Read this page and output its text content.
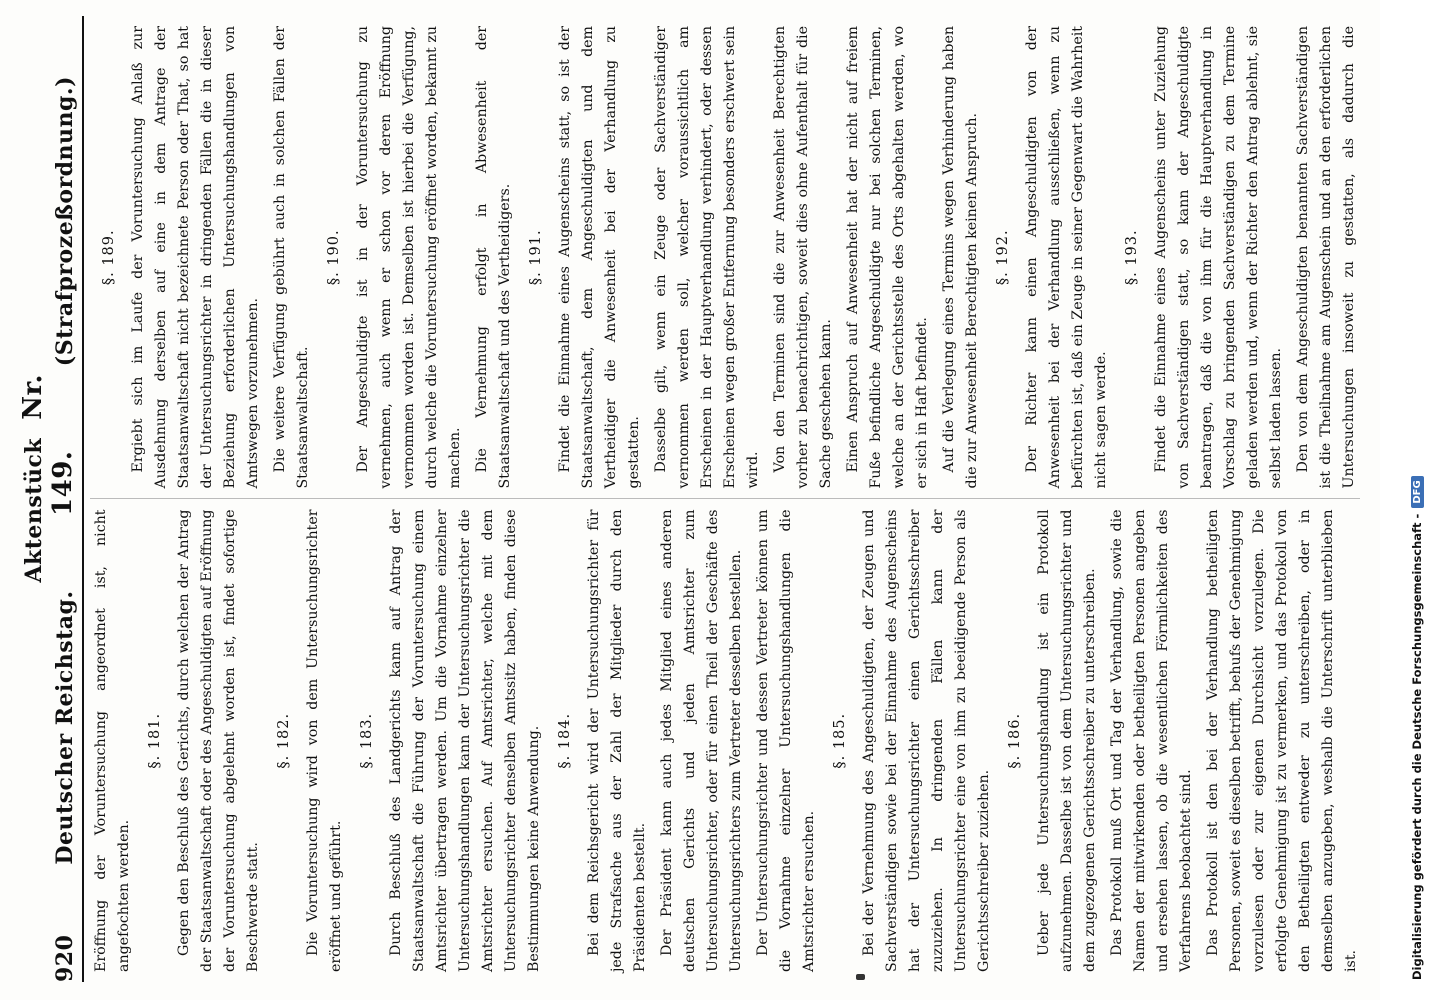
920
Deutscher Reichstag.
Aktenstück Nr. 149.
(Strafprozeßordnung.)

Eröffnung der Voruntersuchung angeordnet ist, nicht angefochten werden.

§. 181. Gegen den Beschluß des Gerichts, durch welchen der Antrag der Staatsanwaltschaft oder des Angeschuldigten auf Eröffnung der Voruntersuchung abgelehnt worden ist, findet sofortige Beschwerde statt.

§. 182. Die Voruntersuchung wird von dem Untersuchungsrichter eröffnet und geführt.

§. 183. Durch Beschluß des Landgerichts kann auf Antrag der Staatsanwaltschaft die Führung der Voruntersuchung einem Amtsrichter übertragen werden. Um die Vornahme einzelner Untersuchungshandlungen kann der Untersuchungsrichter die Amtsrichter ersuchen. Auf Amtsrichter, welche mit dem Untersuchungsrichter denselben Amtssitz haben, finden diese Bestimmungen keine Anwendung. §. 184. Bei dem Reichsgericht wird der Untersuchungsrichter für jede Strafsache aus der Zahl der Mitglieder durch den Präsidenten bestellt. Der Präsident kann auch jedes Mitglied eines anderen deutschen Gerichts und jeden Amtsrichter zum Untersuchungsrichter, oder für einen Theil der Geschäfte des Untersuchungsrichters zum Vertreter desselben bestellen. Der Untersuchungsrichter und dessen Vertreter können um die Vornahme einzelner Untersuchungshandlungen die Amtsrichter ersuchen.

§. 185. Bei der Vernehmung des Angeschuldigten, der Zeugen und Sachverständigen sowie bei der Einnahme des Augenscheins hat der Untersuchungsrichter einen Gerichtsschreiber zuzuziehen. In dringenden Fällen kann der Untersuchungsrichter eine von ihm zu beeidigende Person als Gerichtsschreiber zuziehen.

§. 186. Ueber jede Untersuchungshandlung ist ein Protokoll aufzunehmen. Dasselbe ist von dem Untersuchungsrichter und dem zugezogenen Gerichtsschreiber zu unterschreiben. Das Protokoll muß Ort und Tag der Verhandlung, sowie die Namen der mitwirkenden oder betheiligten Personen angeben und ersehen lassen, ob die wesentlichen Förmlichkeiten des Verfahrens beobachtet sind. Das Protokoll ist den bei der Verhandlung betheiligten Personen, soweit es dieselben betrifft, behufs der Genehmigung vorzulesen oder zur eigenen Durchsicht vorzulegen. Die erfolgte Genehmigung ist zu vermerken, und das Protokoll von den Betheiligten entweder zu unterschreiben, oder in demselben anzugeben, weshalb die Unterschrift unterblieben ist.

§. 189. Ergiebt sich im Laufe der Voruntersuchung Anlaß zur Ausdehnung derselben auf eine in dem Antrage der Staatsanwaltschaft nicht bezeichnete Person oder That, so hat der Untersuchungsrichter in dringenden Fällen die in dieser Beziehung erforderlichen Untersuchungshandlungen von Amtswegen vorzunehmen. Die weitere Verfügung gebührt auch in solchen Fällen der Staatsanwaltschaft.

§. 190. Der Angeschuldigte ist in der Voruntersuchung zu vernehmen, auch wenn er schon vor deren Eröffnung vernommen worden ist. Demselben ist hierbei die Verfügung, durch welche die Voruntersuchung eröffnet worden, bekannt zu machen. Die Vernehmung erfolgt in Abwesenheit der Staatsanwaltschaft und des Vertheidigers. §. 191. Findet die Einnahme eines Augenscheins statt, so ist der Staatsanwaltschaft, dem Angeschuldigten und dem Vertheidiger die Anwesenheit bei der Verhandlung zu gestatten. Dasselbe gilt, wenn ein Zeuge oder Sachverständiger vernommen werden soll, welcher voraussichtlich am Erscheinen in der Hauptverhandlung verhindert, oder dessen Erscheinen wegen großer Entfernung besonders erschwert sein wird. Von den Terminen sind die zur Anwesenheit Berechtigten vorher zu benachrichtigen, soweit dies ohne Aufenthalt für die Sache geschehen kann. Einen Anspruch auf Anwesenheit hat der nicht auf freiem Fuße befindliche Angeschuldigte nur bei solchen Terminen, welche an der Gerichtsstelle des Orts abgehalten werden, wo er sich in Haft befindet. Auf die Verlegung eines Termins wegen Verhinderung haben die zur Anwesenheit Berechtigten keinen Anspruch. §. 192. Der Richter kann einen Angeschuldigten von der Anwesenheit bei der Verhandlung ausschließen, wenn zu befürchten ist, daß ein Zeuge in seiner Gegenwart die Wahrheit nicht sagen werde.

§. 193. Findet die Einnahme eines Augenscheins unter Zuziehung von Sachverständigen statt, so kann der Angeschuldigte beantragen, daß die von ihm für die Hauptverhandlung in Vorschlag zu bringenden Sachverständigen zu dem Termine geladen werden und, wenn der Richter den Antrag ablehnt, sie selbst laden lassen. Den von dem Angeschuldigten benannten Sachverständigen ist die Theilnahme am Augenschein und an den erforderlichen Untersuchungen insoweit zu gestatten, als dadurch die

Digitalisierung gefördert durch die Deutsche Forschungsgemeinschaft -
DFG
